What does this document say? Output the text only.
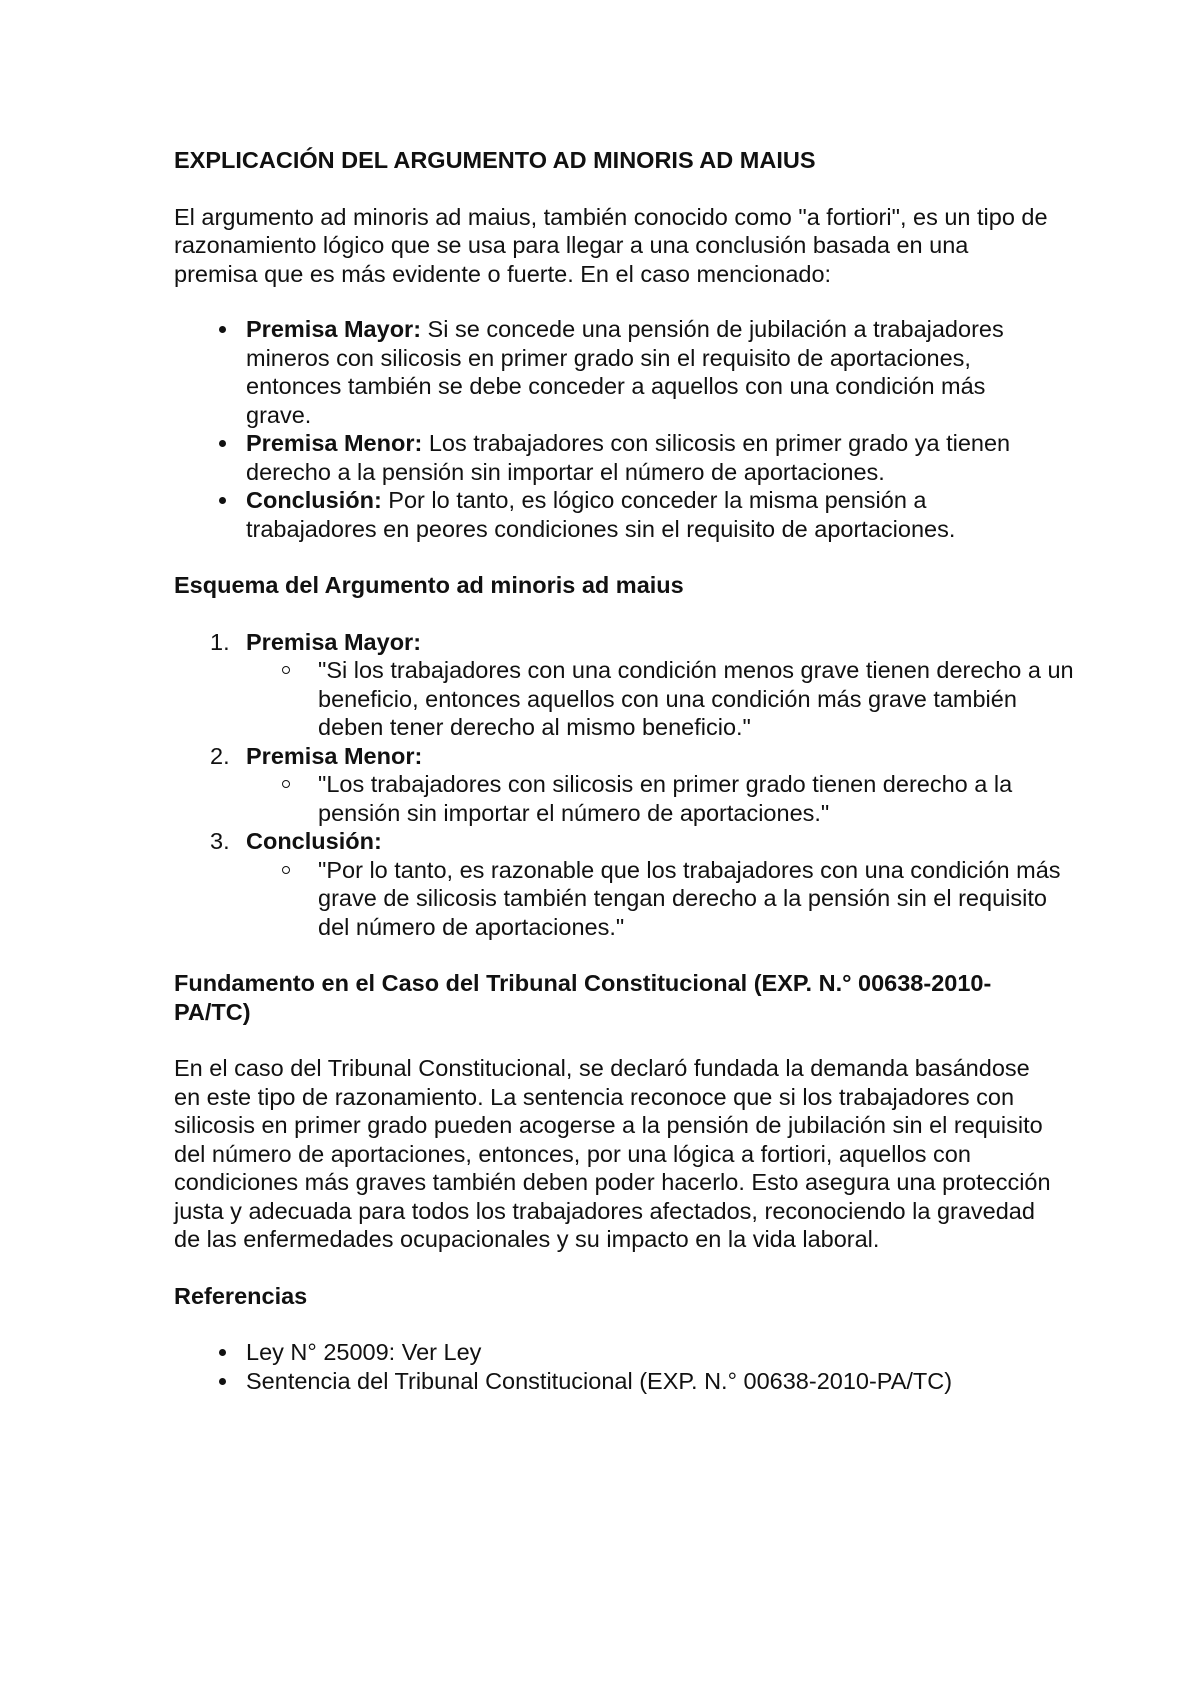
EXPLICACIÓN DEL ARGUMENTO AD MINORIS AD MAIUS

El argumento ad minoris ad maius, también conocido como "a fortiori", es un tipo de razonamiento lógico que se usa para llegar a una conclusión basada en una premisa que es más evidente o fuerte. En el caso mencionado:

Premisa Mayor: Si se concede una pensión de jubilación a trabajadores mineros con silicosis en primer grado sin el requisito de aportaciones, entonces también se debe conceder a aquellos con una condición más grave.
Premisa Menor: Los trabajadores con silicosis en primer grado ya tienen derecho a la pensión sin importar el número de aportaciones.
Conclusión: Por lo tanto, es lógico conceder la misma pensión a trabajadores en peores condiciones sin el requisito de aportaciones.
Esquema del Argumento ad minoris ad maius
1. Premisa Mayor:
"Si los trabajadores con una condición menos grave tienen derecho a un beneficio, entonces aquellos con una condición más grave también deben tener derecho al mismo beneficio."
2. Premisa Menor:
"Los trabajadores con silicosis en primer grado tienen derecho a la pensión sin importar el número de aportaciones."
3. Conclusión:
"Por lo tanto, es razonable que los trabajadores con una condición más grave de silicosis también tengan derecho a la pensión sin el requisito del número de aportaciones."
Fundamento en el Caso del Tribunal Constitucional (EXP. N.° 00638-2010-PA/TC)

En el caso del Tribunal Constitucional, se declaró fundada la demanda basándose en este tipo de razonamiento. La sentencia reconoce que si los trabajadores con silicosis en primer grado pueden acogerse a la pensión de jubilación sin el requisito del número de aportaciones, entonces, por una lógica a fortiori, aquellos con condiciones más graves también deben poder hacerlo. Esto asegura una protección justa y adecuada para todos los trabajadores afectados, reconociendo la gravedad de las enfermedades ocupacionales y su impacto en la vida laboral.

Referencias
Ley N° 25009: Ver Ley
Sentencia del Tribunal Constitucional (EXP. N.° 00638-2010-PA/TC)
